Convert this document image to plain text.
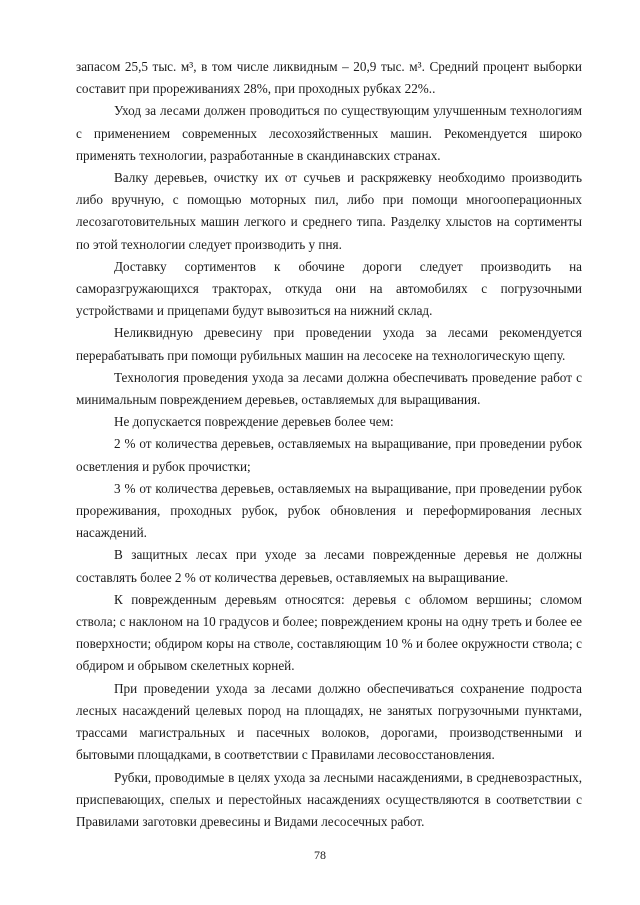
запасом 25,5 тыс. м³, в том числе ликвидным – 20,9 тыс. м³. Средний процент выборки составит при прореживаниях 28%, при проходных рубках 22%..

Уход за лесами должен проводиться по существующим улучшенным технологиям с применением современных лесохозяйственных машин. Рекомендуется широко применять технологии, разработанные в скандинавских странах.

Валку деревьев, очистку их от сучьев и раскряжевку необходимо производить либо вручную, с помощью моторных пил, либо при помощи многооперационных лесозаготовительных машин легкого и среднего типа. Разделку хлыстов на сортименты по этой технологии следует производить у пня.

Доставку сортиментов к обочине дороги следует производить на саморазгружающихся тракторах, откуда они на автомобилях с погрузочными устройствами и прицепами будут вывозиться на нижний склад.

Неликвидную древесину при проведении ухода за лесами рекомендуется перерабатывать при помощи рубильных машин на лесосеке на технологическую щепу.

Технология проведения ухода за лесами должна обеспечивать проведение работ с минимальным повреждением деревьев, оставляемых для выращивания.

Не допускается повреждение деревьев более чем:

2 % от количества деревьев, оставляемых на выращивание, при проведении рубок осветления и рубок прочистки;

3 % от количества деревьев, оставляемых на выращивание, при проведении рубок прореживания, проходных рубок, рубок обновления и переформирования лесных насаждений.

В защитных лесах при уходе за лесами поврежденные деревья не должны составлять более 2 % от количества деревьев, оставляемых на выращивание.

К поврежденным деревьям относятся: деревья с обломом вершины; сломом ствола; с наклоном на 10 градусов и более; повреждением кроны на одну треть и более ее поверхности; обдиром коры на стволе, составляющим 10 % и более окружности ствола; с обдиром и обрывом скелетных корней.

При проведении ухода за лесами должно обеспечиваться сохранение подроста лесных насаждений целевых пород на площадях, не занятых погрузочными пунктами, трассами магистральных и пасечных волоков, дорогами, производственными и бытовыми площадками, в соответствии с Правилами лесовосстановления.

Рубки, проводимые в целях ухода за лесными насаждениями, в средневозрастных, приспевающих, спелых и перестойных насаждениях осуществляются в соответствии с Правилами заготовки древесины и Видами лесосечных работ.

78
